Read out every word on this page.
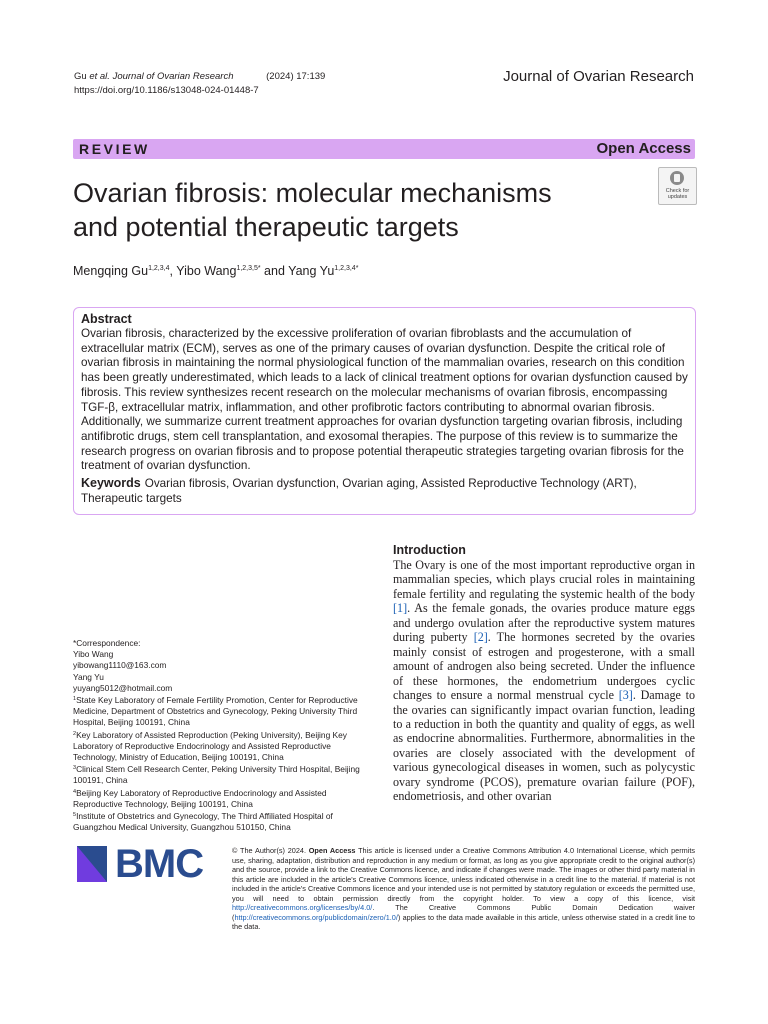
Gu et al. Journal of Ovarian Research	(2024) 17:139
https://doi.org/10.1186/s13048-024-01448-7
Journal of Ovarian Research
REVIEW	Open Access
Ovarian fibrosis: molecular mechanisms
and potential therapeutic targets
Check for
updates
Mengqing Gu$^{1,2,3,4}$, Yibo Wang$^{1,2,3,5*}$ and Yang $Yu^{1,2,3,4*}$

Abstract

Ovarian fibrosis, characterized by the excessive proliferation of ovarian fibroblasts and the accumulation of extracellular matrix (ECM), serves as one of the primary causes of ovarian dysfunction. Despite the critical role of ovarian fibrosis in maintaining the normal physiological function of the mammalian ovaries, research on this condition has been greatly underestimated, which leads to a lack of clinical treatment options for ovarian dysfunction caused by fibrosis. This review synthesizes recent research on the molecular mechanisms of ovarian fibrosis, encompassing TGF-β, extracellular matrix, inflammation, and other profibrotic factors contributing to abnormal ovarian fibrosis. Additionally, we summarize current treatment approaches for ovarian dysfunction targeting ovarian fibrosis, including antifibrotic drugs, stem cell transplantation, and exosomal therapies. The purpose of this review is to summarize the research progress on ovarian fibrosis and to propose potential therapeutic strategies targeting ovarian fibrosis for the treatment of ovarian dysfunction.

Keywords Ovarian fibrosis, Ovarian dysfunction, Ovarian aging, Assisted Reproductive Technology (ART), Therapeutic targets
*Correspondence:
Yibo Wang
yibowang1110@163.com
Yang Yu
yuyang5012@hotmail.com
$^1$State Key Laboratory of Female Fertility Promotion, Center for Reproductive Medicine, Department of Obstetrics and Gynecology, Peking University Third Hospital, Beijing 100191, China
$^2$Key Laboratory of Assisted Reproduction (Peking University), Beijing Key Laboratory of Reproductive Endocrinology and Assisted Reproductive Technology, Ministry of Education, Beijing 100191, China
$^3$Clinical Stem Cell Research Center, Peking University Third Hospital, Beijing 100191, China
$^4$Beijing Key Laboratory of Reproductive Endocrinology and Assisted Reproductive Technology, Beijing 100191, China
$^5$Institute of Obstetrics and Gynecology, The Third Affiliated Hospital of Guangzhou Medical University, Guangzhou 510150, China

Introduction

The Ovary is one of the most important reproductive organ in mammalian species, which plays crucial roles in maintaining female fertility and regulating the systemic health of the body [1]. As the female gonads, the ovaries produce mature eggs and undergo ovulation after the reproductive system matures during puberty [2]. The hormones secreted by the ovaries mainly consist of estrogen and progesterone, with a small amount of androgen also being secreted. Under the influence of these hormones, the endometrium undergoes cyclic changes to ensure a normal menstrual cycle [3]. Damage to the ovaries can significantly impact ovarian function, leading to a reduction in both the quantity and quality of eggs, as well as endocrine abnormalities. Furthermore, abnormalities in the ovaries are closely associated with the development of various gynecological diseases in women, such as polycystic ovary syndrome (PCOS), premature ovarian failure (POF), endometriosis, and other ovarian

BMC	© The Author(s) 2024. Open Access This article is licensed under a Creative Commons Attribution 4.0 International License, which permits use, sharing, adaptation, distribution and reproduction in any medium or format, as long as you give appropriate credit to the original author(s) and the source, provide a link to the Creative Commons licence, and indicate if changes were made. The images or other third party material in this article are included in the article's Creative Commons licence, unless indicated otherwise in a credit line to the material. If material is not included in the article's Creative Commons licence and your intended use is not permitted by statutory regulation or exceeds the permitted use, you will need to obtain permission directly from the copyright holder. To view a copy of this licence, visit http://creativecommons.org/licenses/by/4.0/. The Creative Commons Public Domain Dedication waiver (http://creativecommons.org/publicdomain/zero/1.0/) applies to the data made available in this article, unless otherwise stated in a credit line to the data.
